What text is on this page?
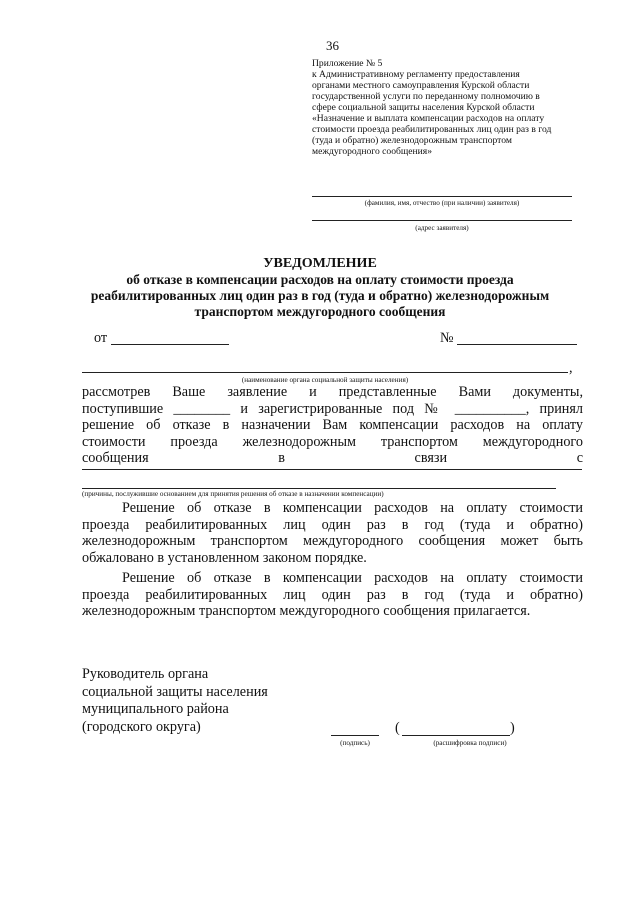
36
Приложение № 5
к Административному регламенту предоставления
органами местного самоуправления Курской области
государственной услуги по переданному полномочию в
сфере социальной защиты населения Курской области
«Назначение и выплата компенсации расходов на оплату
стоимости проезда реабилитированных лиц один раз в год
(туда и обратно) железнодорожным транспортом
междугородного сообщения»
(фамилия, имя, отчество (при наличии) заявителя)
(адрес заявителя)
УВЕДОМЛЕНИЕ
об отказе в компенсации расходов на оплату стоимости проезда
реабилитированных лиц один раз в год (туда и обратно) железнодорожным
транспортом междугородного сообщения
от	№
,
(наименование органа социальной защиты населения)
рассмотрев Ваше заявление и представленные Вами документы,
поступившие ________ и зарегистрированные под № __________, принял
решение об отказе в назначении Вам компенсации расходов на оплату
стоимости проезда железнодорожным транспортом междугородного
сообщения в связи с
(причины, послужившие основанием для принятия решения об отказе в назначении компенсации)
Решение об отказе в компенсации расходов на оплату стоимости
проезда реабилитированных лиц один раз в год (туда и обратно)
железнодорожным транспортом междугородного сообщения может быть
обжаловано в установленном законом порядке.
Решение об отказе в компенсации расходов на оплату стоимости
проезда реабилитированных лиц один раз в год (туда и обратно)
железнодорожным транспортом междугородного сообщения прилагается.
Руководитель органа
социальной защиты населения
муниципального района
(городского округа)
(подпись)
(	)
(расшифровка подписи)
